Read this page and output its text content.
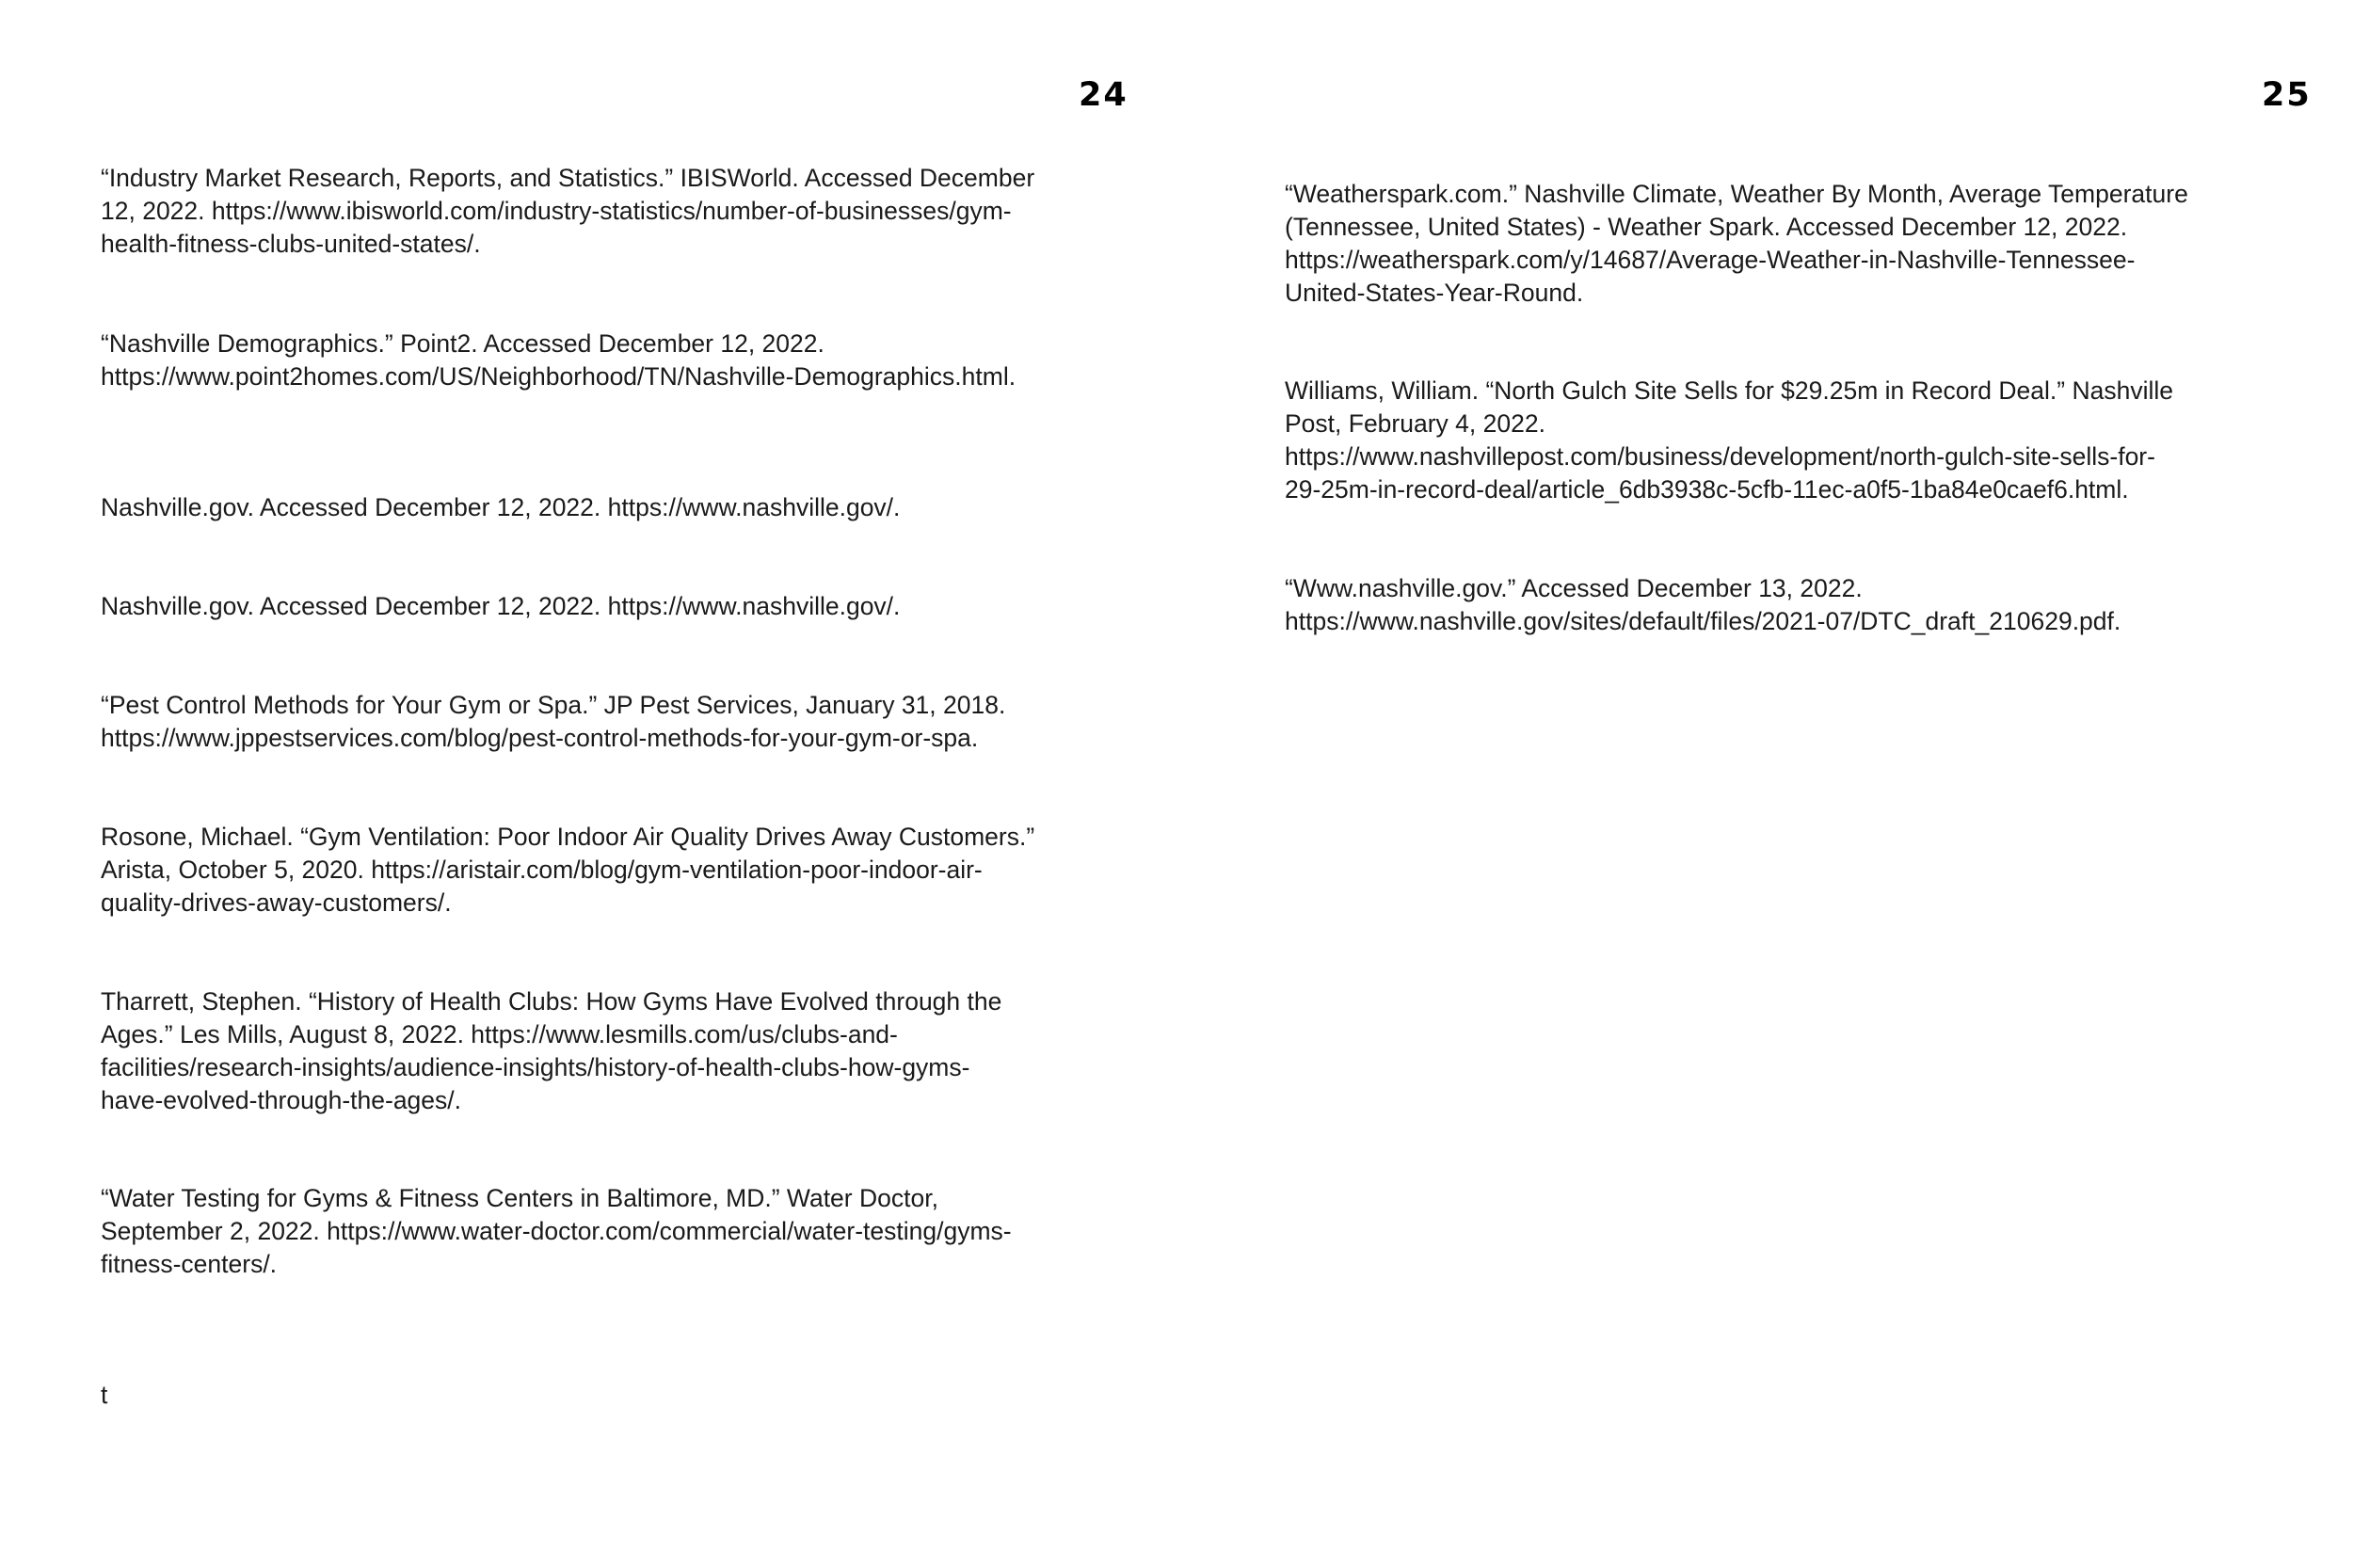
24	25

“Industry Market Research, Reports, and Statistics.” IBISWorld. Accessed December
12, 2022. https://www.ibisworld.com/industry-statistics/number-of-businesses/gym-
health-fitness-clubs-united-states/.

“Nashville Demographics.” Point2. Accessed December 12, 2022.
https://www.point2homes.com/US/Neighborhood/TN/Nashville-Demographics.html.

Nashville.gov. Accessed December 12, 2022. https://www.nashville.gov/.

Nashville.gov. Accessed December 12, 2022. https://www.nashville.gov/.

“Pest Control Methods for Your Gym or Spa.” JP Pest Services, January 31, 2018.
https://www.jppestservices.com/blog/pest-control-methods-for-your-gym-or-spa.

Rosone, Michael. “Gym Ventilation: Poor Indoor Air Quality Drives Away Customers.”
Arista, October 5, 2020. https://aristair.com/blog/gym-ventilation-poor-indoor-air-
quality-drives-away-customers/.

Tharrett, Stephen. “History of Health Clubs: How Gyms Have Evolved through the
Ages.” Les Mills, August 8, 2022. https://www.lesmills.com/us/clubs-and-
facilities/research-insights/audience-insights/history-of-health-clubs-how-gyms-
have-evolved-through-the-ages/.

“Water Testing for Gyms & Fitness Centers in Baltimore, MD.” Water Doctor,
September 2, 2022. https://www.water-doctor.com/commercial/water-testing/gyms-
fitness-centers/.

t

“Weatherspark.com.” Nashville Climate, Weather By Month, Average Temperature
(Tennessee, United States) - Weather Spark. Accessed December 12, 2022.
https://weatherspark.com/y/14687/Average-Weather-in-Nashville-Tennessee-
United-States-Year-Round.

Williams, William. “North Gulch Site Sells for $29.25m in Record Deal.” Nashville
Post, February 4, 2022.
https://www.nashvillepost.com/business/development/north-gulch-site-sells-for-
29-25m-in-record-deal/article_6db3938c-5cfb-11ec-a0f5-1ba84e0caef6.html.

“Www.nashville.gov.” Accessed December 13, 2022.
https://www.nashville.gov/sites/default/files/2021-07/DTC_draft_210629.pdf.
